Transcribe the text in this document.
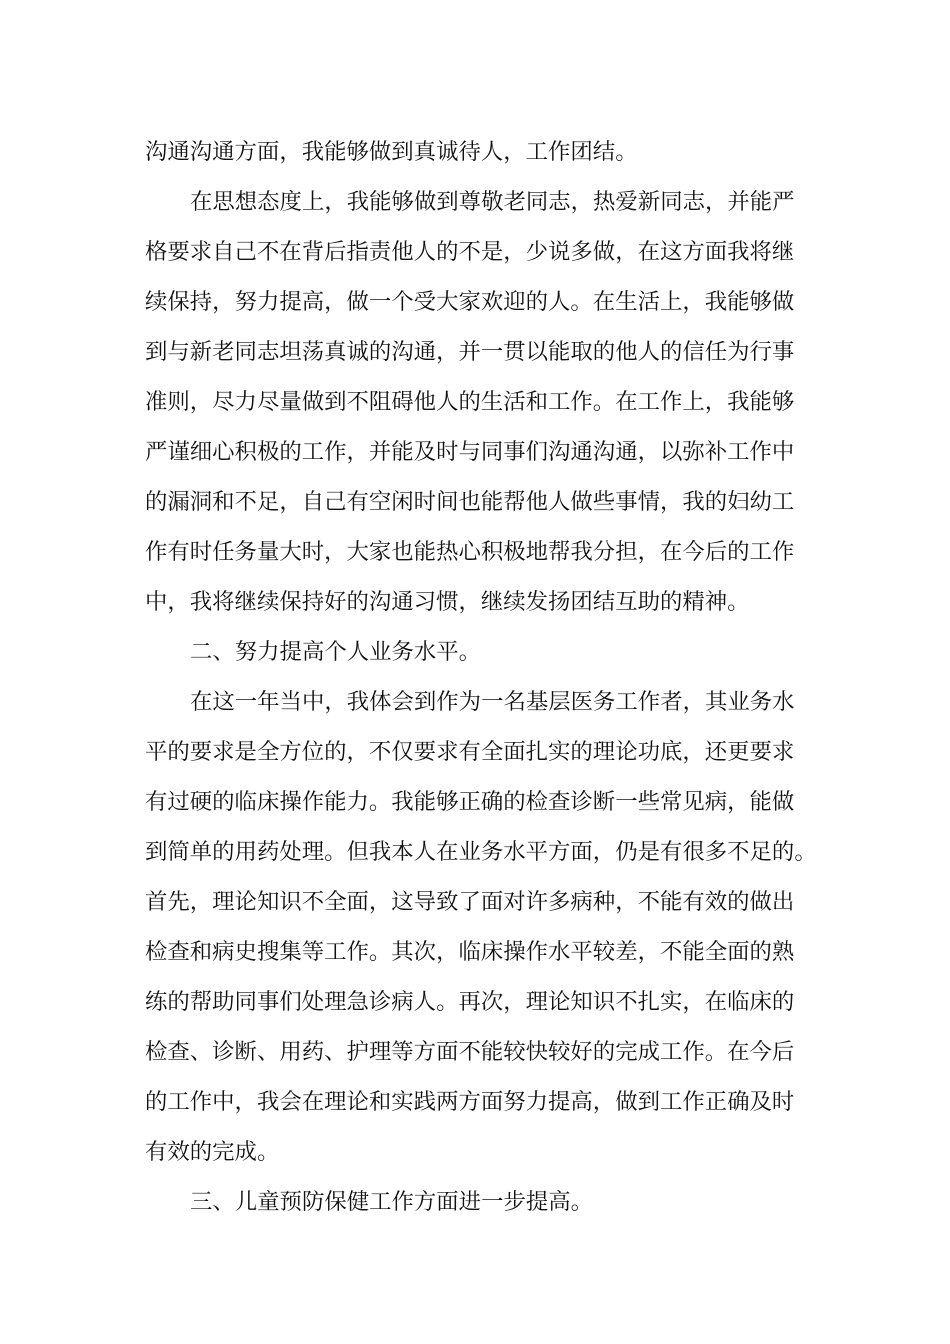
沟通沟通方面，我能够做到真诚待人，工作团结。
在思想态度上，我能够做到尊敬老同志，热爱新同志，并能严
格要求自己不在背后指责他人的不是，少说多做，在这方面我将继
续保持，努力提高，做一个受大家欢迎的人。在生活上，我能够做
到与新老同志坦荡真诚的沟通，并一贯以能取的他人的信任为行事
准则，尽力尽量做到不阻碍他人的生活和工作。在工作上，我能够
严谨细心积极的工作，并能及时与同事们沟通沟通，以弥补工作中
的漏洞和不足，自己有空闲时间也能帮他人做些事情，我的妇幼工
作有时任务量大时，大家也能热心积极地帮我分担，在今后的工作
中，我将继续保持好的沟通习惯，继续发扬团结互助的精神。
二、努力提高个人业务水平。
在这一年当中，我体会到作为一名基层医务工作者，其业务水
平的要求是全方位的，不仅要求有全面扎实的理论功底，还更要求
有过硬的临床操作能力。我能够正确的检查诊断一些常见病，能做
到简单的用药处理。但我本人在业务水平方面，仍是有很多不足的。
首先，理论知识不全面，这导致了面对许多病种，不能有效的做出
检查和病史搜集等工作。其次，临床操作水平较差，不能全面的熟
练的帮助同事们处理急诊病人。再次，理论知识不扎实，在临床的
检查、诊断、用药、护理等方面不能较快较好的完成工作。在今后
的工作中，我会在理论和实践两方面努力提高，做到工作正确及时
有效的完成。
三、儿童预防保健工作方面进一步提高。
